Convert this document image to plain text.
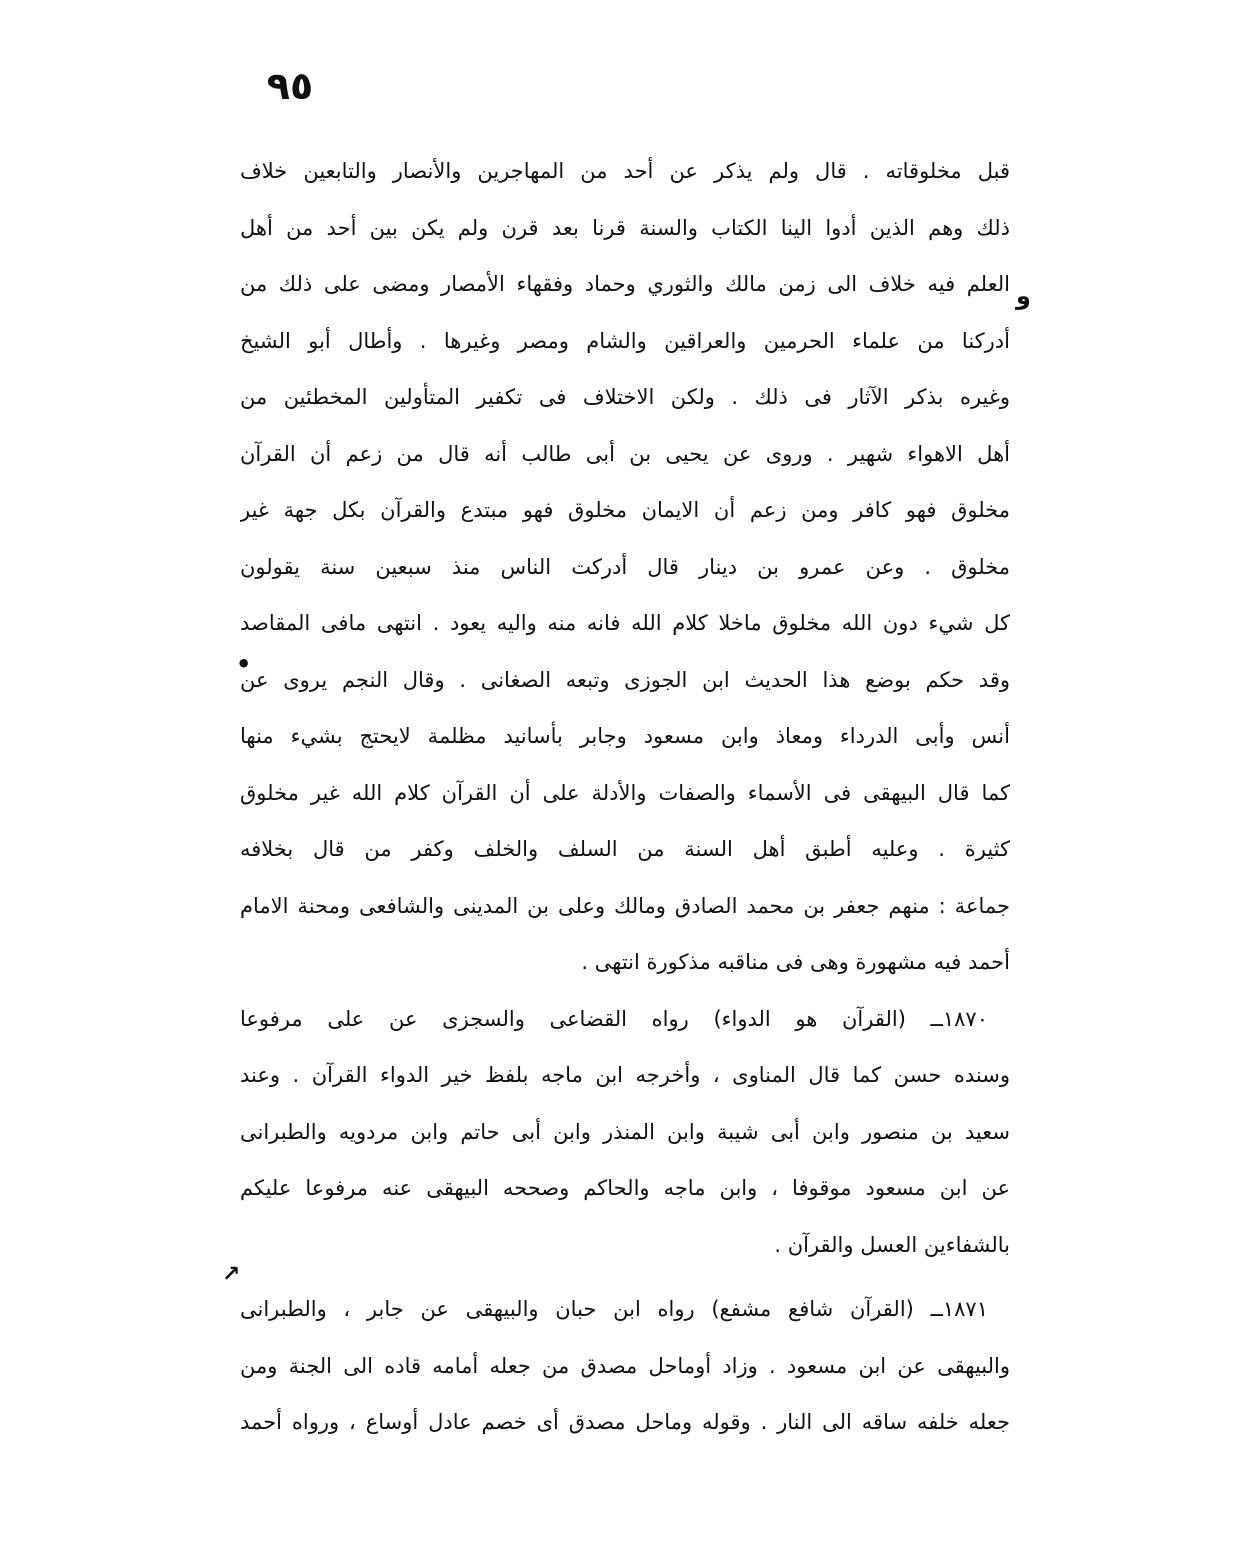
٩٥
و
•
↗
قبل مخلوقاته . قال ولم يذكر عن أحد من المهاجرين والأنصار والتابعين خلاف
ذلك وهم الذين أدوا الينا الكتاب والسنة قرنا بعد قرن ولم يكن بين أحد من أهل
العلم فيه خلاف الى زمن مالك والثوري وحماد وفقهاء الأمصار ومضى على ذلك من
أدركنا من علماء الحرمين والعراقين والشام ومصر وغيرها . وأطال أبو الشيخ
وغيره بذكر الآثار فى ذلك . ولكن الاختلاف فى تكفير المتأولين المخطئين من
أهل الاهواء شهير . وروى عن يحيى بن أبى طالب أنه قال من زعم أن القرآن
مخلوق فهو كافر ومن زعم أن الايمان مخلوق فهو مبتدع والقرآن بكل جهة غير
مخلوق . وعن عمرو بن دينار قال أدركت الناس منذ سبعين سنة يقولون
كل شيء دون الله مخلوق ماخلا كلام الله فانه منه واليه يعود . انتهى مافى المقاصد
وقد حكم بوضع هذا الحديث ابن الجوزى وتبعه الصغانى . وقال النجم يروى عن
أنس وأبى الدرداء ومعاذ وابن مسعود وجابر بأسانيد مظلمة لايحتج بشيء منها
كما قال البيهقى فى الأسماء والصفات والأدلة على أن القرآن كلام الله غير مخلوق
كثيرة . وعليه أطبق أهل السنة من السلف والخلف وكفر من قال بخلافه
جماعة : منهم جعفر بن محمد الصادق ومالك وعلى بن المدينى والشافعى ومحنة الامام
أحمد فيه مشهورة وهى فى مناقبه مذكورة انتهى .
١٨٧٠ــ (القرآن هو الدواء) رواه القضاعى والسجزى عن على مرفوعا
وسنده حسن كما قال المناوى ، وأخرجه ابن ماجه بلفظ خير الدواء القرآن . وعند
سعيد بن منصور وابن أبى شيبة وابن المنذر وابن أبى حاتم وابن مردويه والطبرانى
عن ابن مسعود موقوفا ، وابن ماجه والحاكم وصححه البيهقى عنه مرفوعا عليكم
بالشفاءين العسل والقرآن .
١٨٧١ــ (القرآن شافع مشفع) رواه ابن حبان والبيهقى عن جابر ، والطبرانى
والبيهقى عن ابن مسعود . وزاد أوماحل مصدق من جعله أمامه قاده الى الجنة ومن
جعله خلفه ساقه الى النار . وقوله وماحل مصدق أى خصم عادل أوساع ، ورواه أحمد
